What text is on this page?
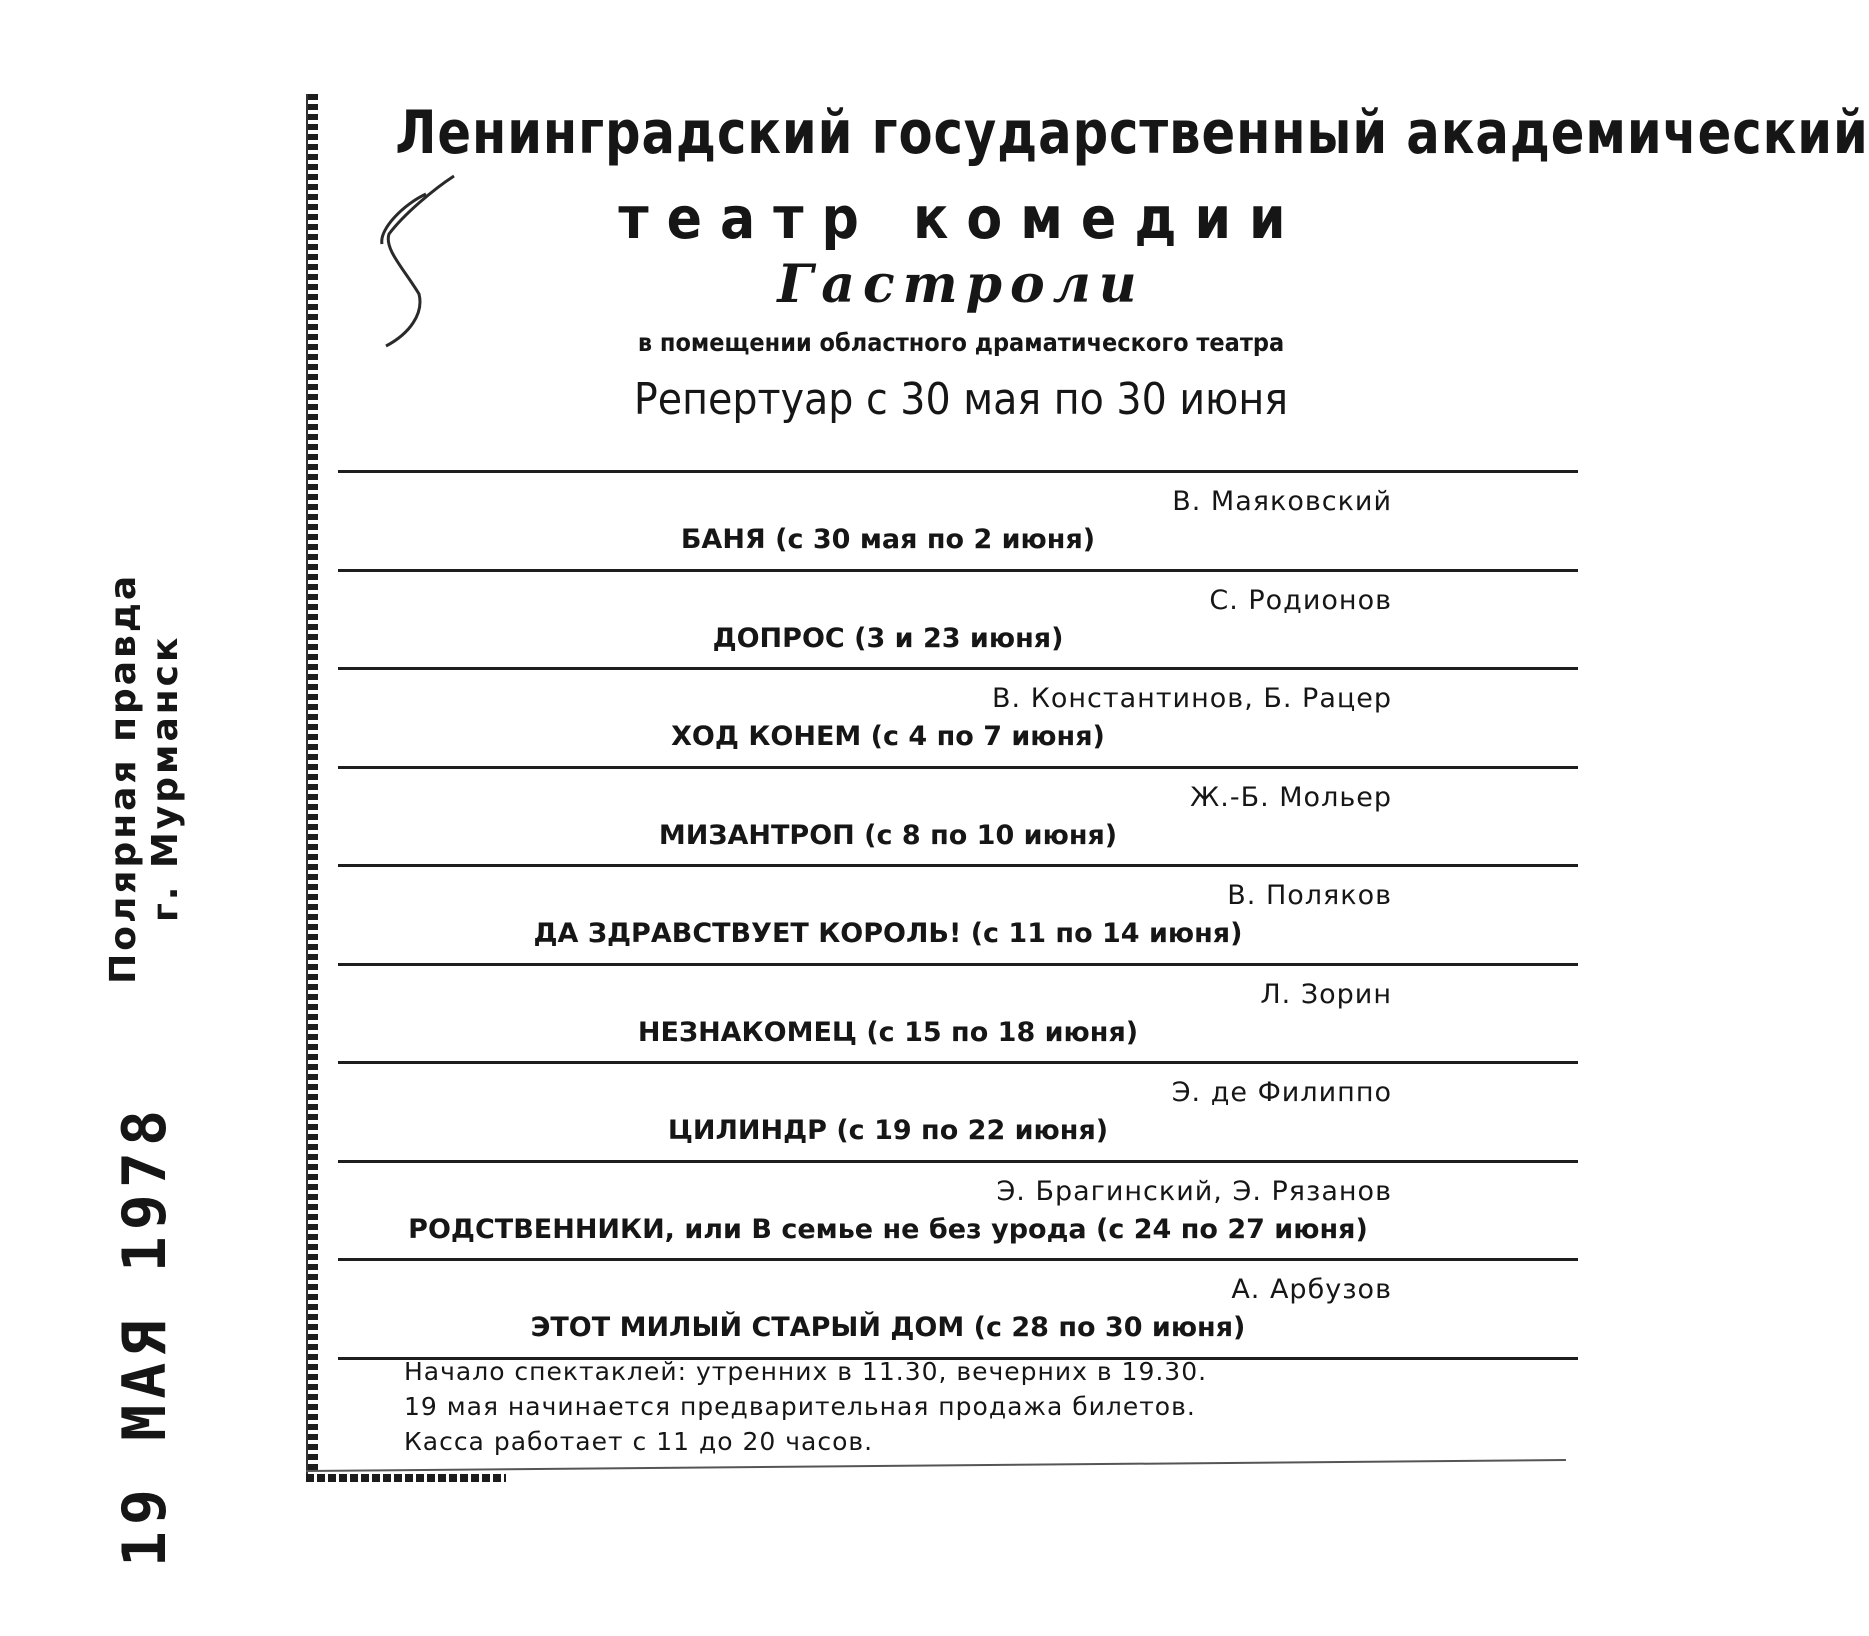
Ленинградский государственный академический
театр комедии
Гастроли
в помещении областного драматического театра
Репертуар с 30 мая по 30 июня
В. Маяковский
БАНЯ (с 30 мая по 2 июня)
С. Родионов
ДОПРОС (3 и 23 июня)
В. Константинов, Б. Рацер
ХОД КОНЕМ (с 4 по 7 июня)
Ж.-Б. Мольер
МИЗАНТРОП (с 8 по 10 июня)
В. Поляков
ДА ЗДРАВСТВУЕТ КОРОЛЬ! (с 11 по 14 июня)
Л. Зорин
НЕЗНАКОМЕЦ (с 15 по 18 июня)
Э. де Филиппо
ЦИЛИНДР (с 19 по 22 июня)
Э. Брагинский, Э. Рязанов
РОДСТВЕННИКИ, или В семье не без урода (с 24 по 27 июня)
А. Арбузов
ЭТОТ МИЛЫЙ СТАРЫЙ ДОМ (с 28 по 30 июня)
Начало спектаклей: утренних в 11.30, вечерних в 19.30.
19 мая начинается предварительная продажа билетов.
Касса работает с 11 до 20 часов.
19 МАЯ 1978
Полярная правда г. Мурманск
